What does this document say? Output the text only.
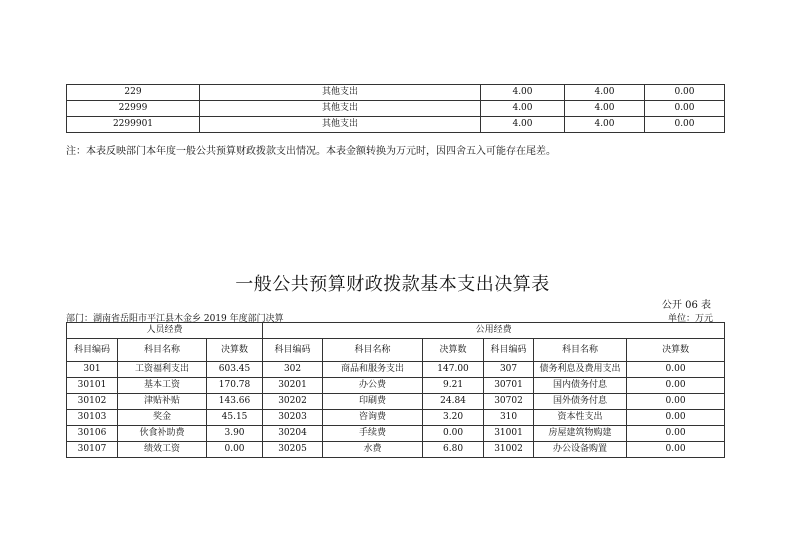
229	其他支出	4.00	4.00	0.00
22999	其他支出	4.00	4.00	0.00
2299901	其他支出	4.00	4.00	0.00
注：本表反映部门本年度一般公共预算财政拨款支出情况。本表金额转换为万元时，因四舍五入可能存在尾差。
一般公共预算财政拨款基本支出决算表
公开 06 表
部门：湖南省岳阳市平江县木金乡 2019 年度部门决算	单位：万元
人员经费			公用经费					
科目编码	科目名称	决算数	科目编码	科目名称	决算数	科目编码	科目名称	决算数
301	工资福利支出	603.45	302	商品和服务支出	147.00	307	债务利息及费用支出	0.00
30101	基本工资	170.78	30201	办公费	9.21	30701	国内债务付息	0.00
30102	津贴补贴	143.66	30202	印刷费	24.84	30702	国外债务付息	0.00
30103	奖金	45.15	30203	咨询费	3.20	310	资本性支出	0.00
30106	伙食补助费	3.90	30204	手续费	0.00	31001	房屋建筑物购建	0.00
30107	绩效工资	0.00	30205	水费	6.80	31002	办公设备购置	0.00
